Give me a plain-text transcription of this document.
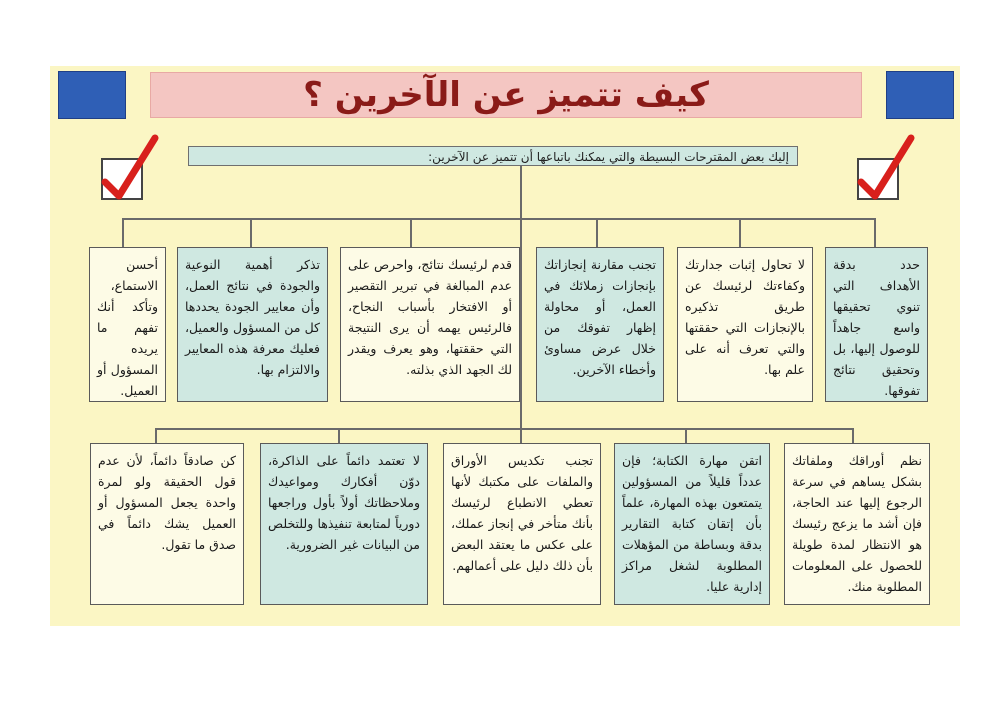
كيف تتميز عن الآخرين ؟
إليك بعض المقترحات البسيطة والتي يمكنك باتباعها أن تتميز عن الآخرين:
حدد بدقة الأهداف التي تنوي تحقيقها واسع جاهداً للوصول إليها، بل وتحقيق نتائج تفوقها.
لا تحاول إثبات جدارتك وكفاءتك لرئيسك عن طريق تذكيره بالإنجازات التي حققتها والتي تعرف أنه على علم بها.
تجنب مقارنة إنجازاتك بإنجازات زملائك في العمل، أو محاولة إظهار تفوقك من خلال عرض مساوئ وأخطاء الآخرين.
قدم لرئيسك نتائج، واحرص على عدم المبالغة في تبرير التقصير أو الافتخار بأسباب النجاح، فالرئيس يهمه أن يرى النتيجة التي حققتها، وهو يعرف ويقدر لك الجهد الذي بذلته.
تذكر أهمية النوعية والجودة في نتائج العمل، وأن معايير الجودة يحددها كل من المسؤول والعميل، فعليك معرفة هذه المعايير والالتزام بها.
أحسن الاستماع، وتأكد أنك تفهم ما يريده المسؤول أو العميل.
نظم أوراقك وملفاتك بشكل يساهم في سرعة الرجوع إليها عند الحاجة، فإن أشد ما يزعج رئيسك هو الانتظار لمدة طويلة للحصول على المعلومات المطلوبة منك.
اتقن مهارة الكتابة؛ فإن عدداً قليلاً من المسؤولين يتمتعون بهذه المهارة، علماً بأن إتقان كتابة التقارير بدقة وبساطة من المؤهلات المطلوبة لشغل مراكز إدارية عليا.
تجنب تكديس الأوراق والملفات على مكتبك لأنها تعطي الانطباع لرئيسك بأنك متأخر في إنجاز عملك، على عكس ما يعتقد البعض بأن ذلك دليل على أعمالهم.
لا تعتمد دائماً على الذاكرة، دوّن أفكارك ومواعيدك وملاحظاتك أولاً بأول وراجعها دورياً لمتابعة تنفيذها وللتخلص من البيانات غير الضرورية.
كن صادقاً دائماً، لأن عدم قول الحقيقة ولو لمرة واحدة يجعل المسؤول أو العميل يشك دائماً في صدق ما تقول.
